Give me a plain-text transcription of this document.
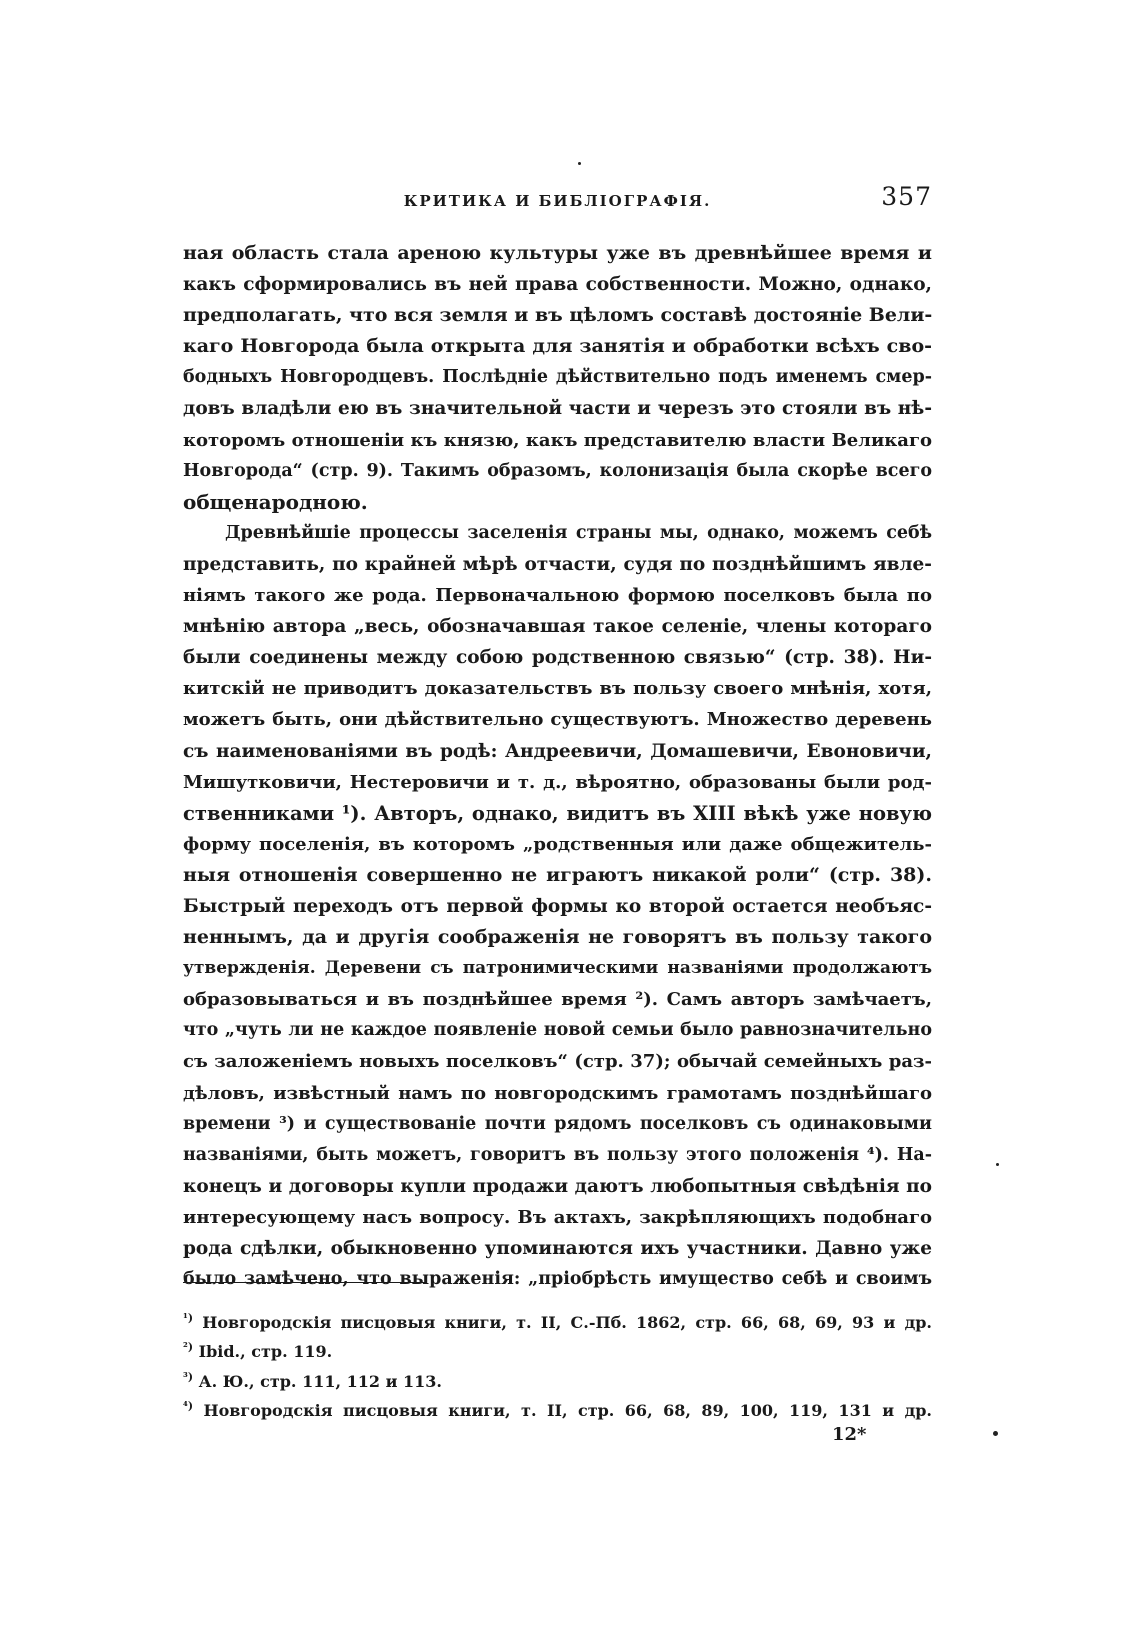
КРИТИКА И БИБЛІОГРАФІЯ.	357
ная область стала ареною культуры уже въ древнѣйшее время и
какъ сформировались въ ней права собственности. Можно, однако,
предполагать, что вся земля и въ цѣломъ составѣ достояніе Вели-
каго Новгорода была открыта для занятія и обработки всѣхъ сво-
бодныхъ Новгородцевъ. Послѣдніе дѣйствительно подъ именемъ смер-
довъ владѣли ею въ значительной части и черезъ это стояли въ нѣ-
которомъ отношеніи къ князю, какъ представителю власти Великаго
Новгорода“ (стр. 9). Такимъ образомъ, колонизація была скорѣе всего
общенародною.
Древнѣйшіе процессы заселенія страны мы, однако, можемъ себѣ
представить, по крайней мѣрѣ отчасти, судя по позднѣйшимъ явле-
ніямъ такого же рода. Первоначальною формою поселковъ была по
мнѣнію автора „весь, обозначавшая такое селеніе, члены котораго
были соединены между собою родственною связью“ (стр. 38). Ни-
китскій не приводитъ доказательствъ въ пользу своего мнѣнія, хотя,
можетъ быть, они дѣйствительно существуютъ. Множество деревень
съ наименованіями въ родѣ: Андреевичи, Домашевичи, Евоновичи,
Мишутковичи, Нестеровичи и т. д., вѣроятно, образованы были род-
ственниками ¹). Авторъ, однако, видитъ въ XIII вѣкѣ уже новую
форму поселенія, въ которомъ „родственныя или даже общежитель-
ныя отношенія совершенно не играютъ никакой роли“ (стр. 38).
Быстрый переходъ отъ первой формы ко второй остается необъяс-
неннымъ, да и другія соображенія не говорятъ въ пользу такого
утвержденія. Деревени съ патронимическими названіями продолжаютъ
образовываться и въ позднѣйшее время ²). Самъ авторъ замѣчаетъ,
что „чуть ли не каждое появленіе новой семьи было равнозначительно
съ заложеніемъ новыхъ поселковъ“ (стр. 37); обычай семейныхъ раз-
дѣловъ, извѣстный намъ по новгородскимъ грамотамъ позднѣйшаго
времени ³) и существованіе почти рядомъ поселковъ съ одинаковыми
названіями, быть можетъ, говоритъ въ пользу этого положенія ⁴). На-
конецъ и договоры купли продажи даютъ любопытныя свѣдѣнія по
интересующему насъ вопросу. Въ актахъ, закрѣпляющихъ подобнаго
рода сдѣлки, обыкновенно упоминаются ихъ участники. Давно уже
было замѣчено, что выраженія: „пріобрѣсть имущество себѣ и своимъ
$^{^1)}$ Новгородскія писцовыя книги, т. II, С.-Пб. 1862, стр. 66, 68, 69, 93 и др.
$^{^2)}$ Ibid., стр. 119.
$^{^3)}$ А. Ю., стр. 111, 112 и 113.
$^{^4)}$ Новгородскія писцовыя книги, т. II, стр. 66, 68, 89, 100, 119, 131 и др.
12*
